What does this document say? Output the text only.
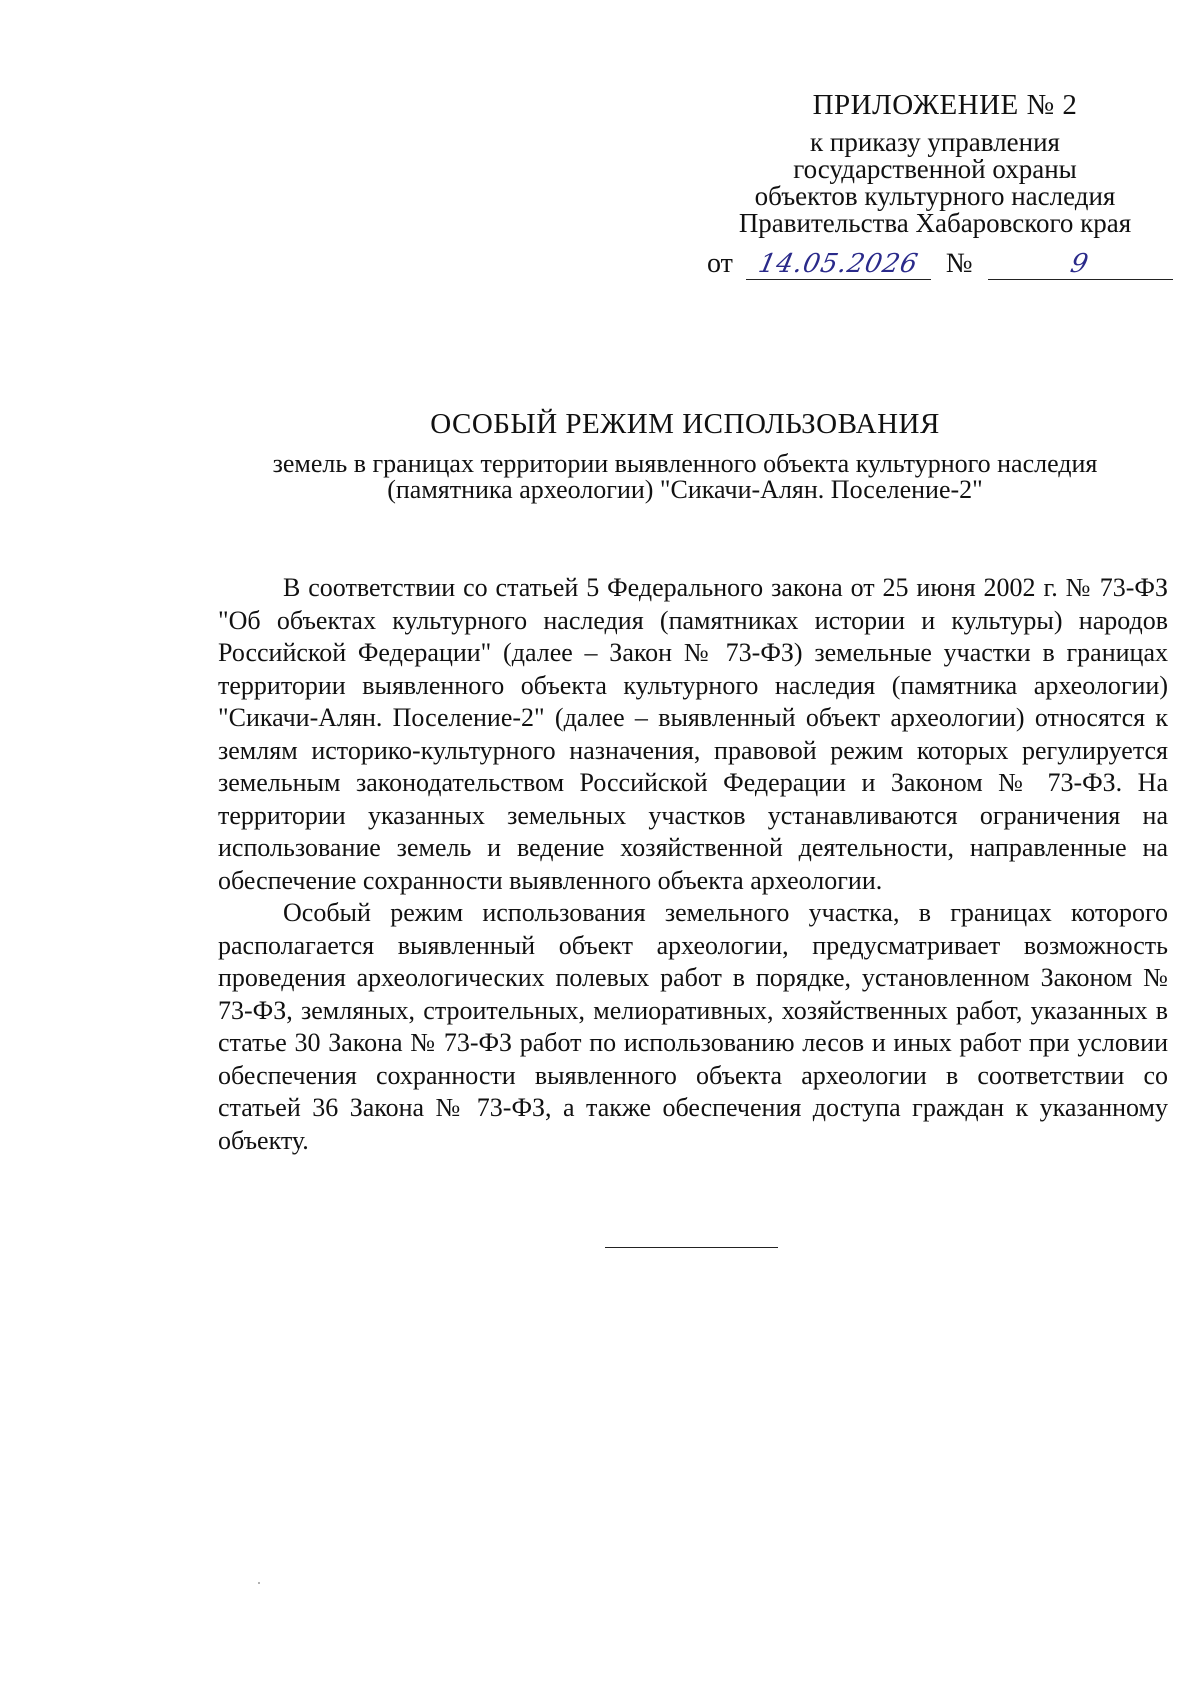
ПРИЛОЖЕНИЕ № 2
к приказу управления
государственной охраны
объектов культурного наследия
Правительства Хабаровского края
от 14.05.2026 №	9
ОСОБЫЙ РЕЖИМ ИСПОЛЬЗОВАНИЯ
земель в границах территории выявленного объекта культурного наследия
(памятника археологии) "Сикачи-Алян. Поселение-2"

В соответствии со статьей 5 Федерального закона от 25 июня 2002 г. № 73-ФЗ "Об объектах культурного наследия (памятниках истории и культуры) народов Российской Федерации" (далее – Закон № 73-ФЗ) земельные участки в границах территории выявленного объекта культурного наследия (памятника археологии) "Сикачи-Алян. Поселение-2" (далее – выявленный объект археологии) относятся к землям историко-культурного назначения, правовой режим которых регулируется земельным законодательством Российской Федерации и Законом № 73-ФЗ. На территории указанных земельных участков устанавливаются ограничения на использование земель и ведение хозяйственной деятельности, направленные на обеспечение сохранности выявленного объекта археологии.

Особый режим использования земельного участка, в границах которого располагается выявленный объект археологии, предусматривает возможность проведения археологических полевых работ в порядке, установленном Законом № 73-ФЗ, земляных, строительных, мелиоративных, хозяйственных работ, указанных в статье 30 Закона № 73-ФЗ работ по использованию лесов и иных работ при условии обеспечения сохранности выявленного объекта археологии в соответствии со статьей 36 Закона № 73-ФЗ, а также обеспечения доступа граждан к указанному объекту.
